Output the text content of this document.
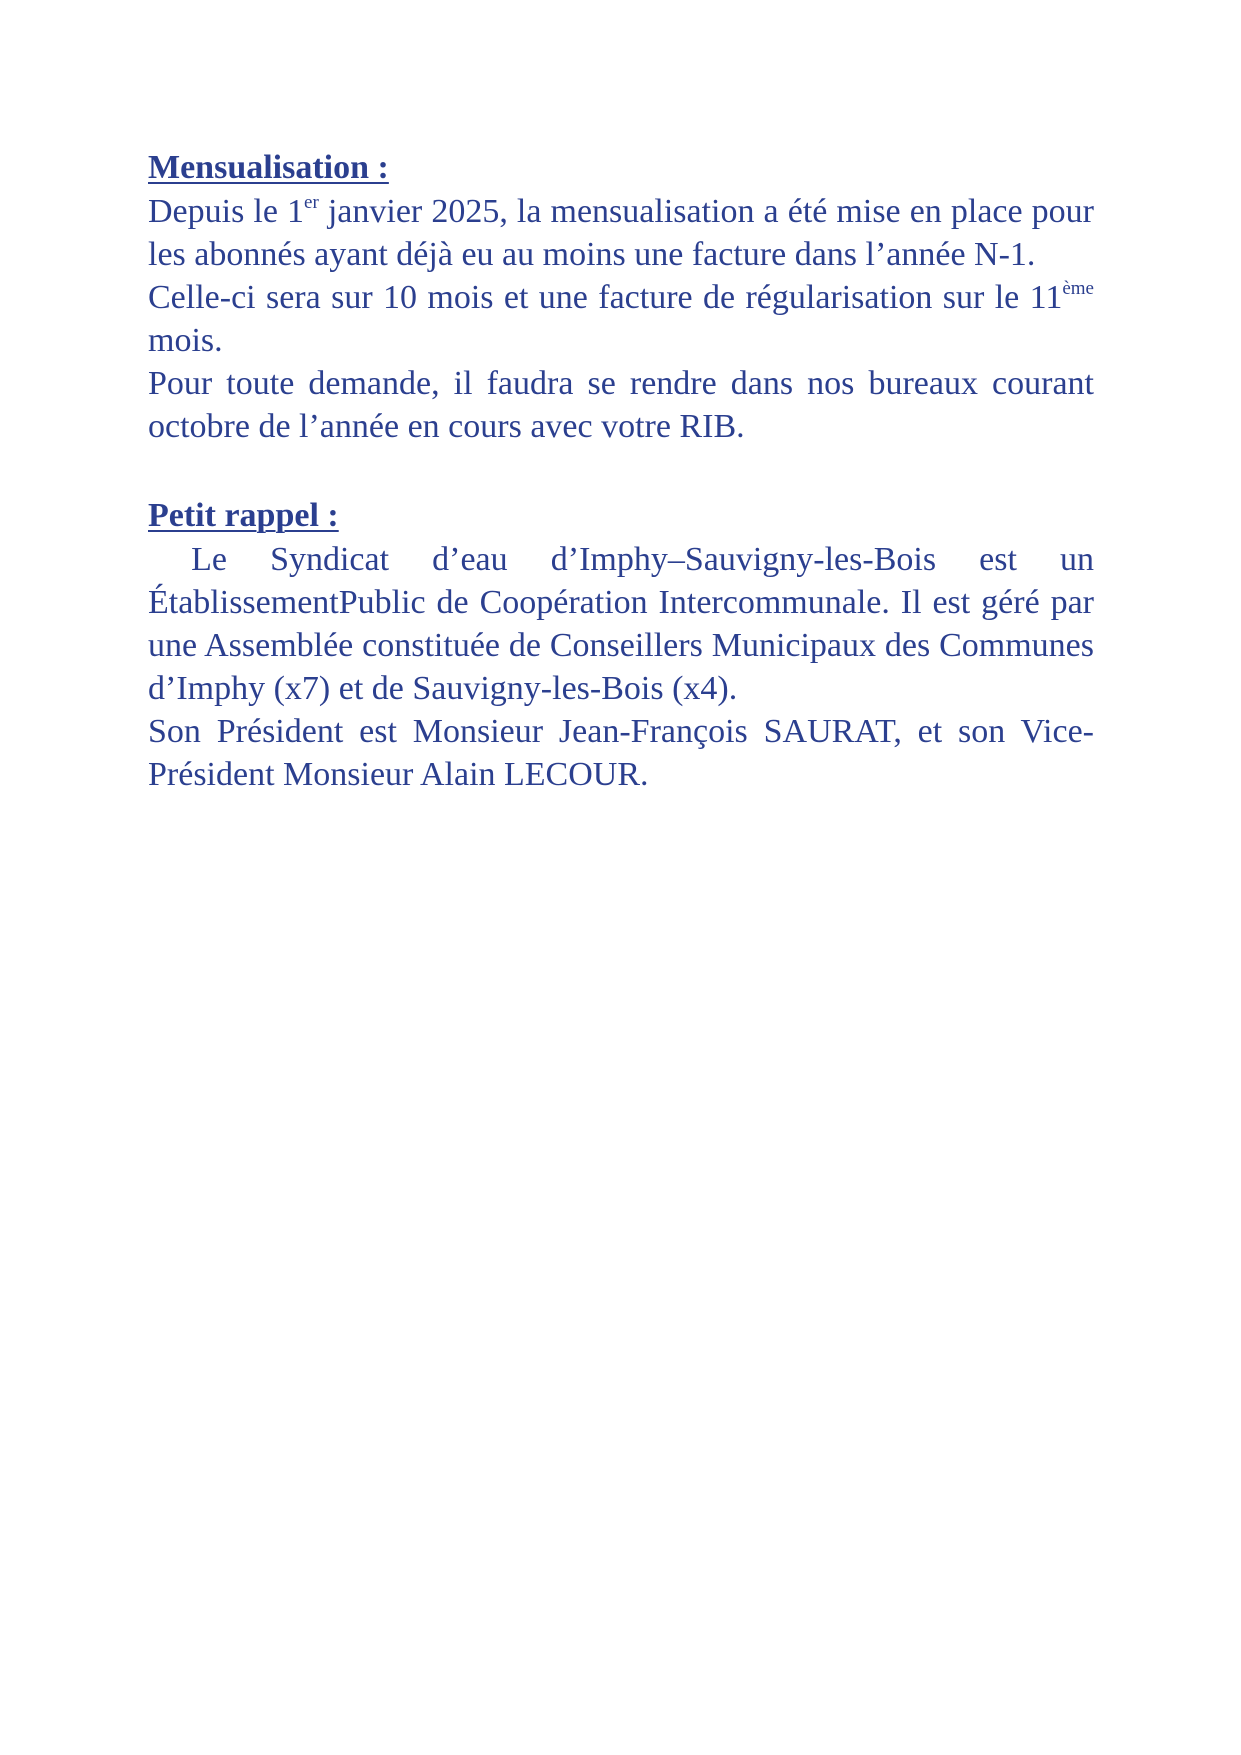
Mensualisation :

Depuis le 1er janvier 2025, la mensualisation a été mise en place pour les abonnés ayant déjà eu au moins une facture dans l’année N-1.

Celle-ci sera sur 10 mois et une facture de régularisation sur le 11ème mois.

Pour toute demande, il faudra se rendre dans nos bureaux courant octobre de l’année en cours avec votre RIB.

Petit rappel :

Le Syndicat d’eau d’Imphy–Sauvigny-les-Bois est un ÉtablissementPublic de Coopération Intercommunale. Il est géré par une Assemblée constituée de Conseillers Municipaux des Communes d’Imphy (x7) et de Sauvigny-les-Bois (x4).

Son Président est Monsieur Jean-François SAURAT, et son Vice-Président Monsieur Alain LECOUR.
